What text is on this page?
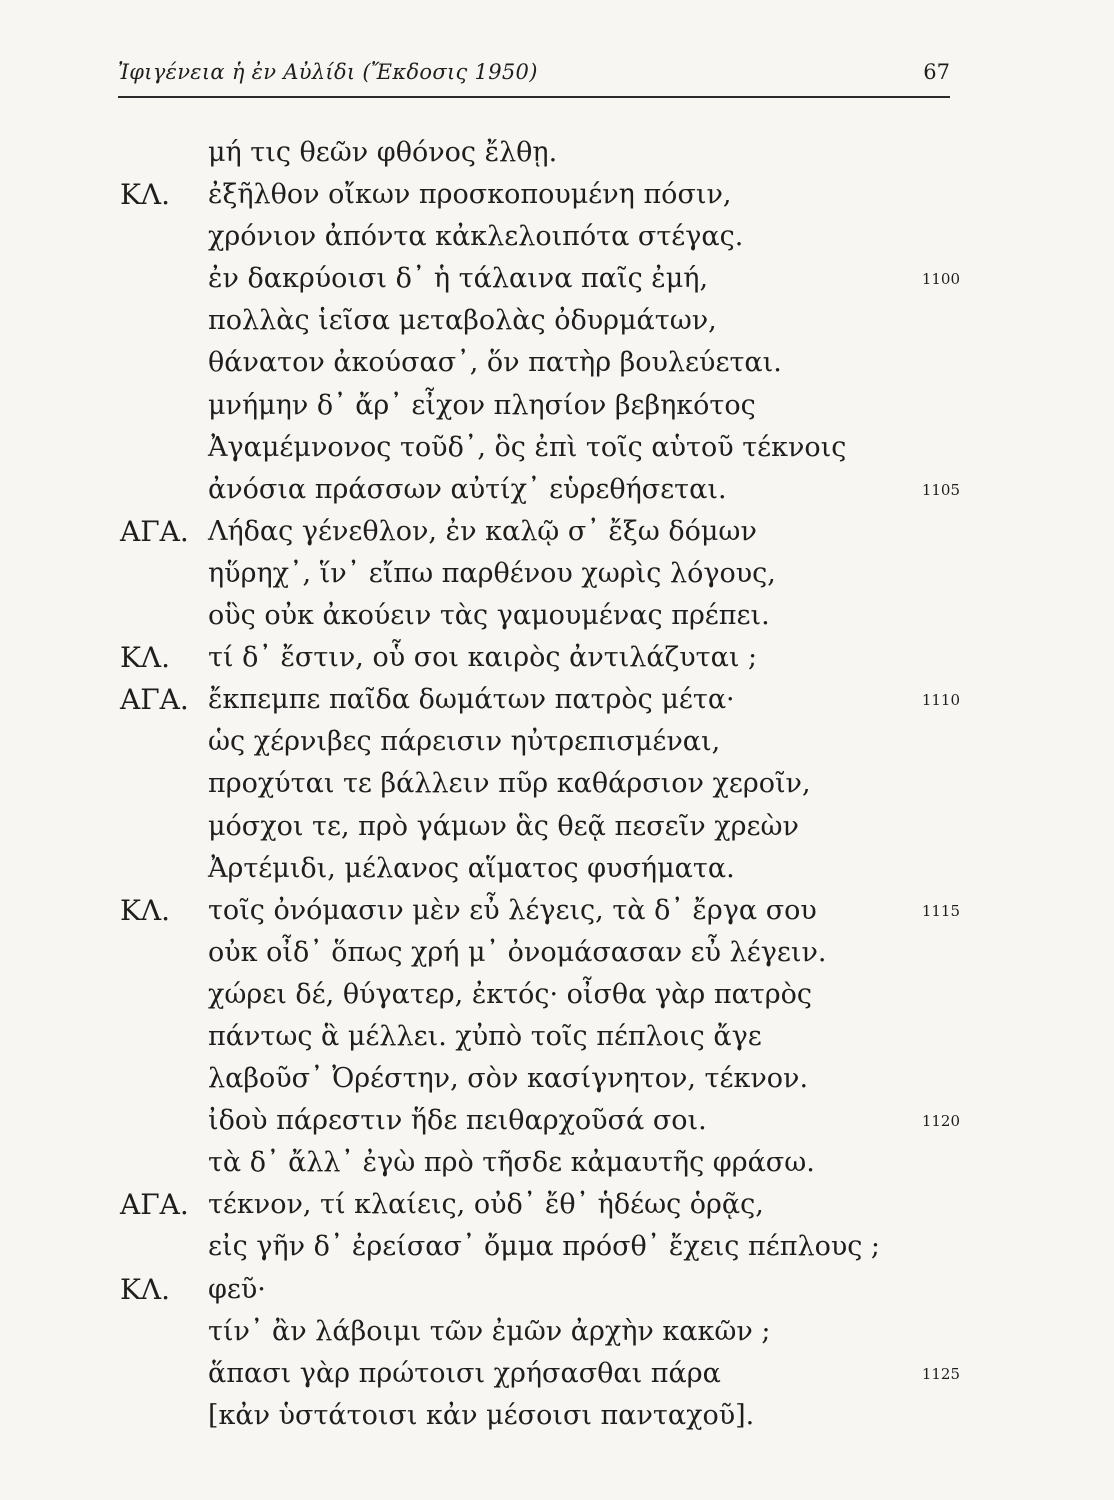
Ἰφιγένεια ἡ ἐν Αὐλίδι (Ἔκδοσις 1950)	67
μή τις θεῶν φθόνος ἔλθῃ.
ΚΛ. ἐξῆλθον οἴκων προσκοπουμένη πόσιν,
χρόνιον ἀπόντα κἀκλελοιπότα στέγας.
ἐν δακρύοισι δ᾽ ἡ τάλαινα παῖς ἐμή,	1100
πολλὰς ἱεῖσα μεταβολὰς ὀδυρμάτων,
θάνατον ἀκούσασ᾽, ὅν πατὴρ βουλεύεται.
μνήμην δ᾽ ἄρ᾽ εἶχον πλησίον βεβηκότος
Ἀγαμέμνονος τοῦδ᾽, ὃς ἐπὶ τοῖς αὑτοῦ τέκνοις
ἀνόσια πράσσων αὐτίχ᾽ εὑρεθήσεται.	1105
ΑΓΑ. Λήδας γένεθλον, ἐν καλῷ σ᾽ ἔξω δόμων
ηὕρηχ᾽, ἵν᾽ εἴπω παρθένου χωρὶς λόγους,
οὓς οὐκ ἀκούειν τὰς γαμουμένας πρέπει.
ΚΛ. τί δ᾽ ἔστιν, οὗ σοι καιρὸς ἀντιλάζυται ;
ΑΓΑ. ἔκπεμπε παῖδα δωμάτων πατρὸς μέτα·	1110
ὡς χέρνιβες πάρεισιν ηὐτρεπισμέναι,
προχύται τε βάλλειν πῦρ καθάρσιον χεροῖν,
μόσχοι τε, πρὸ γάμων ἃς θεᾷ πεσεῖν χρεὼν
Ἀρτέμιδι, μέλανος αἵματος φυσήματα.
ΚΛ. τοῖς ὀνόμασιν μὲν εὖ λέγεις, τὰ δ᾽ ἔργα σου	1115
οὐκ οἶδ᾽ ὅπως χρή μ᾽ ὀνομάσασαν εὖ λέγειν.
χώρει δέ, θύγατερ, ἐκτός· οἶσθα γὰρ πατρὸς
πάντως ἃ μέλλει. χὐπὸ τοῖς πέπλοις ἄγε
λαβοῦσ᾽ Ὀρέστην, σὸν κασίγνητον, τέκνον.
ἰδοὺ πάρεστιν ἥδε πειθαρχοῦσά σοι.	1120
τὰ δ᾽ ἄλλ᾽ ἐγὼ πρὸ τῆσδε κἀμαυτῆς φράσω.
ΑΓΑ. τέκνον, τί κλαίεις, οὐδ᾽ ἔθ᾽ ἡδέως ὁρᾷς,
εἰς γῆν δ᾽ ἐρείσασ᾽ ὄμμα πρόσθ᾽ ἔχεις πέπλους ;
ΚΛ. φεῦ·
τίν᾽ ἂν λάβοιμι τῶν ἐμῶν ἀρχὴν κακῶν ;
ἅπασι γὰρ πρώτοισι χρήσασθαι πάρα	1125
[κἀν ὑστάτοισι κἀν μέσοισι πανταχοῦ].
